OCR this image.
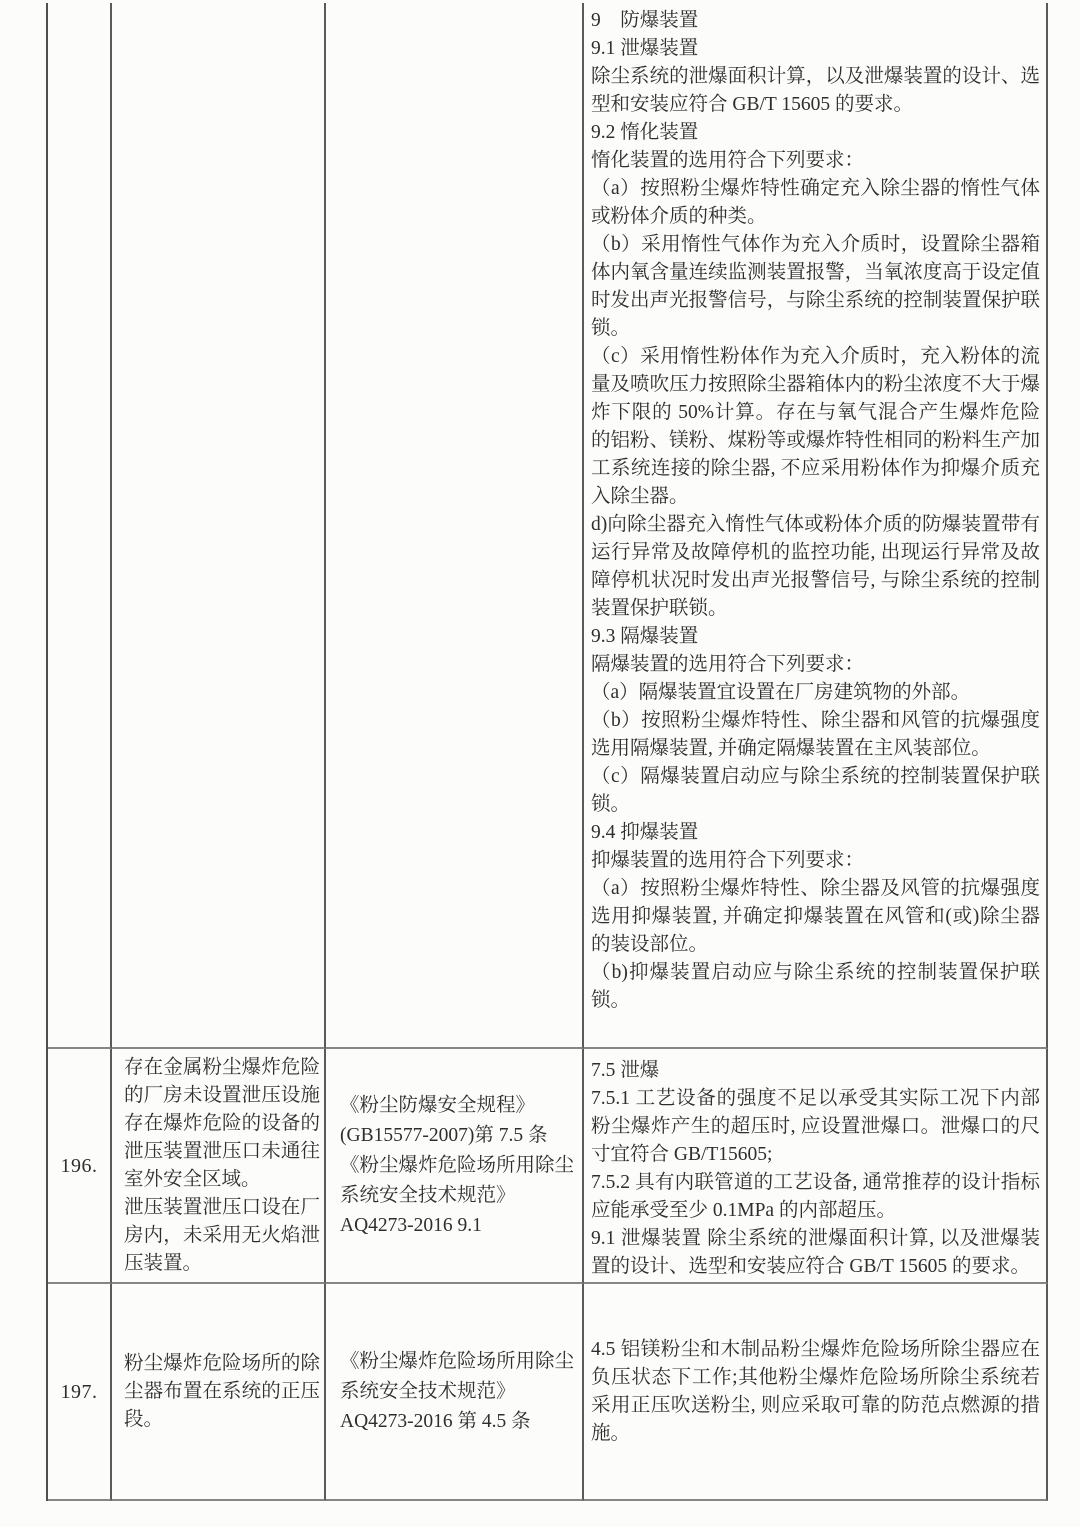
9　防爆装置
9.1 泄爆装置
除尘系统的泄爆面积计算，以及泄爆装置的设计、选型和安装应符合 GB/T 15605 的要求。
9.2 惰化装置
惰化装置的选用符合下列要求：
（a）按照粉尘爆炸特性确定充入除尘器的惰性气体或粉体介质的种类。
（b）采用惰性气体作为充入介质时，设置除尘器箱体内氧含量连续监测装置报警，当氧浓度高于设定值时发出声光报警信号，与除尘系统的控制装置保护联锁。
（c）采用惰性粉体作为充入介质时，充入粉体的流量及喷吹压力按照除尘器箱体内的粉尘浓度不大于爆炸下限的 50%计算。存在与氧气混合产生爆炸危险的铝粉、镁粉、煤粉等或爆炸特性相同的粉料生产加工系统连接的除尘器, 不应采用粉体作为抑爆介质充入除尘器。
d)向除尘器充入惰性气体或粉体介质的防爆装置带有运行异常及故障停机的监控功能, 出现运行异常及故障停机状况时发出声光报警信号, 与除尘系统的控制装置保护联锁。
9.3 隔爆装置
隔爆装置的选用符合下列要求：
（a）隔爆装置宜设置在厂房建筑物的外部。
（b）按照粉尘爆炸特性、除尘器和风管的抗爆强度选用隔爆装置, 并确定隔爆装置在主风装部位。
（c）隔爆装置启动应与除尘系统的控制装置保护联锁。
9.4 抑爆装置
抑爆装置的选用符合下列要求：
（a）按照粉尘爆炸特性、除尘器及风管的抗爆强度选用抑爆装置, 并确定抑爆装置在风管和(或)除尘器的装设部位。
（b)抑爆装置启动应与除尘系统的控制装置保护联锁。
196.
存在金属粉尘爆炸危险的厂房未设置泄压设施存在爆炸危险的设备的泄压装置泄压口未通往室外安全区域。
泄压装置泄压口设在厂房内，未采用无火焰泄压装置。
《粉尘防爆安全规程》
(GB15577-2007)第 7.5 条
《粉尘爆炸危险场所用除尘
系统安全技术规范》
AQ4273-2016 9.1
7.5 泄爆
7.5.1 工艺设备的强度不足以承受其实际工况下内部粉尘爆炸产生的超压时, 应设置泄爆口。泄爆口的尺寸宜符合 GB/T15605;
7.5.2 具有内联管道的工艺设备, 通常推荐的设计指标应能承受至少 0.1MPa 的内部超压。
9.1 泄爆装置 除尘系统的泄爆面积计算, 以及泄爆装置的设计、选型和安装应符合 GB/T 15605 的要求。
197.
粉尘爆炸危险场所的除尘器布置在系统的正压段。
《粉尘爆炸危险场所用除尘
系统安全技术规范》
AQ4273-2016 第 4.5 条
4.5 铝镁粉尘和木制品粉尘爆炸危险场所除尘器应在负压状态下工作;其他粉尘爆炸危险场所除尘系统若采用正压吹送粉尘, 则应采取可靠的防范点燃源的措施。
